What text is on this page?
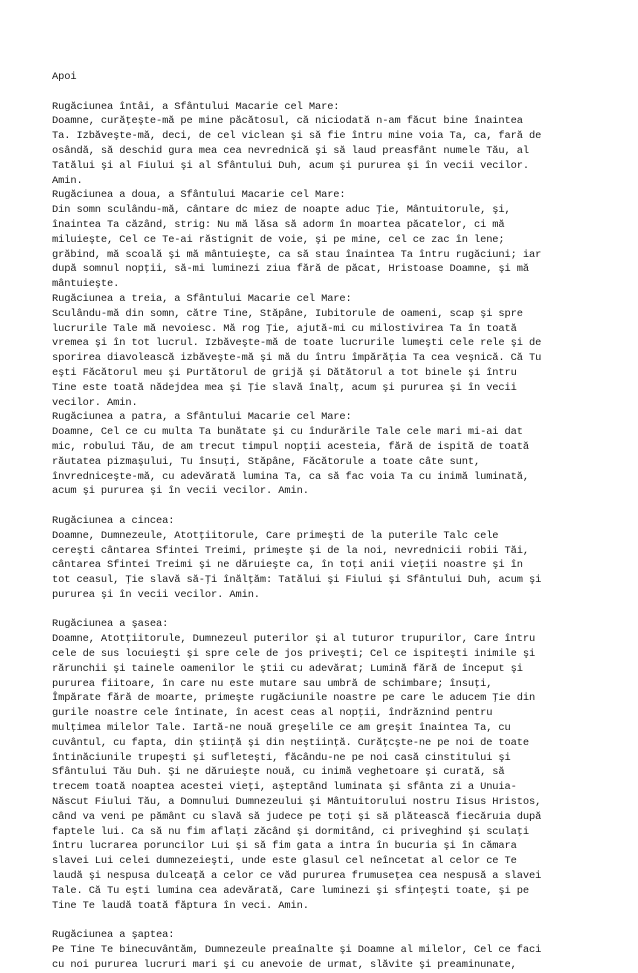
Apoi
Rugăciunea întâi, a Sfântului Macarie cel Mare:
Doamne, curăţeşte-mă pe mine păcătosul, că niciodată n-am făcut bine înaintea
Ta. Izbăveşte-mă, deci, de cel viclean şi să fie întru mine voia Ta, ca, fară de
osândă, să deschid gura mea cea nevrednică şi să laud preasfânt numele Tău, al
Tatălui şi al Fiului şi al Sfântului Duh, acum şi pururea şi în vecii vecilor.
Amin.
Rugăciunea a doua, a Sfântului Macarie cel Mare:
Din somn sculându-mă, cântare dc miez de noapte aduc Ţie, Mântuitorule, şi,
înaintea Ta căzând, strig: Nu mă lăsa să adorm în moartea păcatelor, ci mă
miluieşte, Cel ce Te-ai răstignit de voie, şi pe mine, cel ce zac în lene;
grăbind, mă scoală şi mă mântuieşte, ca să stau înaintea Ta întru rugăciuni; iar
după somnul nopţii, să-mi luminezi ziua fără de păcat, Hristoase Doamne, şi mă
mântuieşte.
Rugăciunea a treia, a Sfântului Macarie cel Mare:
Sculându-mă din somn, către Tine, Stăpâne, Iubitorule de oameni, scap şi spre
lucrurile Tale mă nevoiesc. Mă rog Ţie, ajută-mi cu milostivirea Ta în toată
vremea şi în tot lucrul. Izbăveşte-mă de toate lucrurile lumeşti cele rele şi de
sporirea diavolească izbăveşte-mă şi mă du întru împărăţia Ta cea veşnică. Că Tu
eşti Făcătorul meu şi Purtătorul de grijă şi Dătătorul a tot binele şi întru
Tine este toată nădejdea mea şi Ţie slavă înalţ, acum şi pururea şi în vecii
vecilor. Amin.
Rugăciunea a patra, a Sfântului Macarie cel Mare:
Doamne, Cel ce cu multa Ta bunătate şi cu îndurările Tale cele mari mi-ai dat
mic, robului Tău, de am trecut timpul nopţii acesteia, fără de ispită de toată
răutatea pizmaşului, Tu însuţi, Stăpâne, Făcătorule a toate câte sunt,
învredniceşte-mă, cu adevărată lumina Ta, ca să fac voia Ta cu inimă luminată,
acum şi pururea şi în vecii vecilor. Amin.
Rugăciunea a cincea:
Doamne, Dumnezeule, Atotţiitorule, Care primeşti de la puterile Talc cele
cereşti cântarea Sfintei Treimi, primeşte şi de la noi, nevrednicii robii Tăi,
cântarea Sfintei Treimi şi ne dăruieşte ca, în toţi anii vieţii noastre şi în
tot ceasul, Ţie slavă să-Ţi înălţăm: Tatălui şi Fiului şi Sfântului Duh, acum şi
pururea şi în vecii vecilor. Amin.
Rugăciunea a şasea:
Doamne, Atotţiitorule, Dumnezeul puterilor şi al tuturor trupurilor, Care întru
cele de sus locuieşti şi spre cele de jos priveşti; Cel ce ispiteşti inimile şi
rărunchii şi tainele oamenilor le ştii cu adevărat; Lumină fără de început şi
pururea fiitoare, în care nu este mutare sau umbră de schimbare; însuţi,
Împărate fără de moarte, primeşte rugăciunile noastre pe care le aducem Ţie din
gurile noastre cele întinate, în acest ceas al nopţii, îndrăznind pentru
mulţimea milelor Tale. Iartă-ne nouă greşelile ce am greşit înaintea Ta, cu
cuvântul, cu fapta, din ştiinţă şi din neştiinţă. Curăţcşte-ne pe noi de toate
întinăciunile trupeşti şi sufleteşti, făcându-ne pe noi casă cinstitului şi
Sfântului Tău Duh. Şi ne dăruieşte nouă, cu inimă veghetoare şi curată, să
trecem toată noaptea acestei vieţi, aşteptând luminata şi sfânta zi a Unuia-
Născut Fiului Tău, a Domnului Dumnezeului şi Mântuitorului nostru Iisus Hristos,
când va veni pe pământ cu slavă să judece pe toţi şi să plătească fiecăruia după
faptele lui. Ca să nu fim aflaţi zăcând şi dormitând, ci priveghind şi sculaţi
întru lucrarea poruncilor Lui şi să fim gata a intra în bucuria şi în cămara
slavei Lui celei dumnezeieşti, unde este glasul cel neîncetat al celor ce Te
laudă şi nespusa dulceaţă a celor ce văd pururea frumuseţea cea nespusă a slavei
Tale. Că Tu eşti lumina cea adevărată, Care luminezi şi sfinţeşti toate, şi pe
Tine Te laudă toată făptura în veci. Amin.
Rugăciunea a şaptea:
Pe Tine Te binecuvântăm, Dumnezeule preaînalte şi Doamne al milelor, Cel ce faci
cu noi pururea lucruri mari şi cu anevoie de urmat, slăvite şi preaminunate,
